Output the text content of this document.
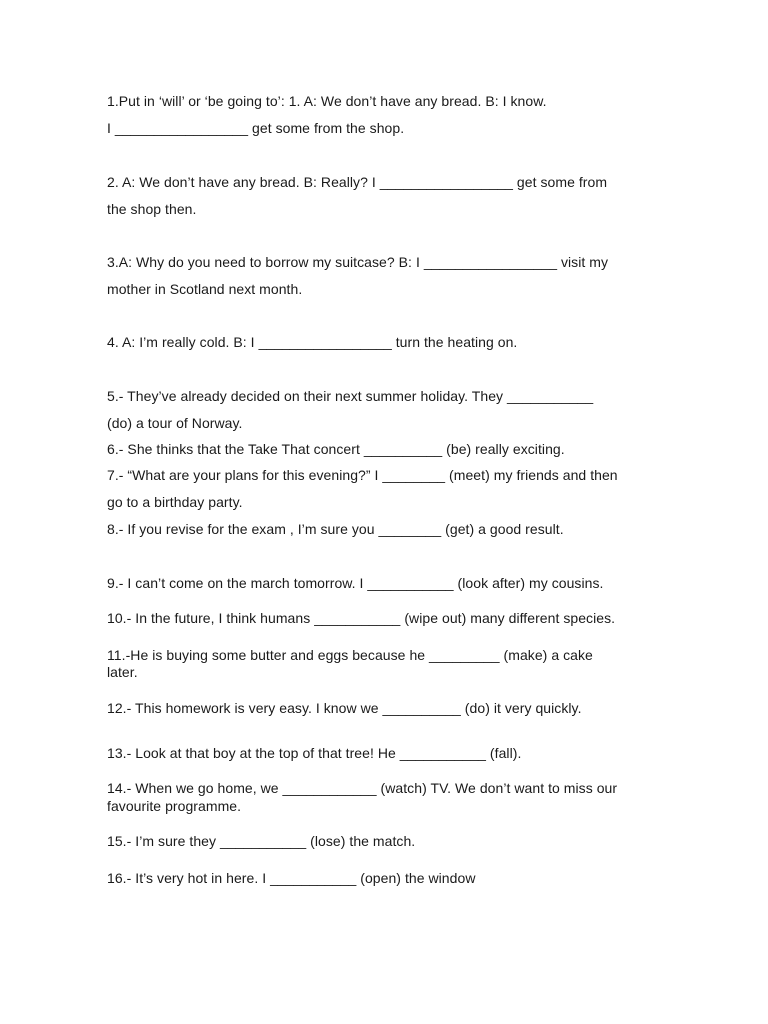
1.Put in ‘will’ or ‘be going to’: 1. A: We don’t have any bread. B: I know.
I _________________ get some from the shop.
2. A: We don’t have any bread. B: Really? I _________________ get some from
the shop then.
3.A: Why do you need to borrow my suitcase? B: I _________________ visit my
mother in Scotland next month.
4. A: I’m really cold. B: I _________________ turn the heating on.
5.- They’ve already decided on their next summer holiday. They ___________
(do) a tour of Norway.
6.- She thinks that the Take That concert __________ (be) really exciting.
7.- “What are your plans for this evening?” I ________ (meet) my friends and then
go to a birthday party.
8.- If you revise for the exam , I’m sure you ________ (get) a good result.
9.- I can’t come on the march tomorrow. I ___________ (look after) my cousins.
10.- In the future, I think humans ___________ (wipe out) many different species.
11.-He is buying some butter and eggs because he _________ (make) a cake
later.
12.- This homework is very easy. I know we __________ (do) it very quickly.
13.- Look at that boy at the top of that tree! He ___________ (fall).
14.- When we go home, we ____________ (watch) TV. We don’t want to miss our
favourite programme.
15.- I’m sure they ___________ (lose) the match.
16.- It’s very hot in here. I ___________ (open) the window
